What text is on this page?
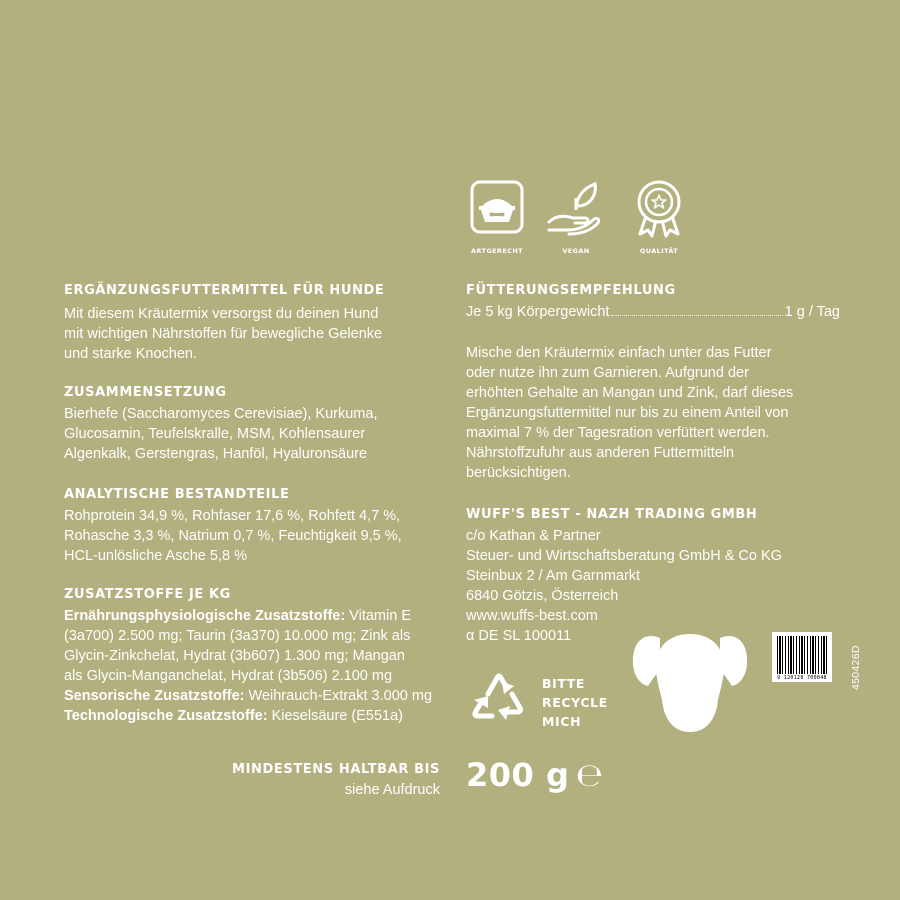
ARTGERECHT	VEGAN	QUALITÄT
ERGÄNZUNGSFUTTERMITTEL FÜR HUNDE
Mit diesem Kräutermix versorgst du deinen Hund
mit wichtigen Nährstoffen für bewegliche Gelenke
und starke Knochen.
ZUSAMMENSETZUNG
Bierhefe (Saccharomyces Cerevisiae), Kurkuma,
Glucosamin, Teufelskralle, MSM, Kohlensaurer
Algenkalk, Gerstengras, Hanföl, Hyaluronsäure
ANALYTISCHE BESTANDTEILE
Rohprotein 34,9 %, Rohfaser 17,6 %, Rohfett 4,7 %,
Rohasche 3,3 %, Natrium 0,7 %, Feuchtigkeit 9,5 %,
HCL-unlösliche Asche 5,8 %
ZUSATZSTOFFE JE KG
Ernährungsphysiologische Zusatzstoffe: Vitamin E
(3a700) 2.500 mg; Taurin (3a370) 10.000 mg; Zink als
Glycin-Zinkchelat, Hydrat (3b607) 1.300 mg; Mangan
als Glycin-Manganchelat, Hydrat (3b506) 2.100 mg
Sensorische Zusatzstoffe: Weihrauch-Extrakt 3.000 mg
Technologische Zusatzstoffe: Kieselsäure (E551a)
MINDESTENS HALTBAR BIS
siehe Aufdruck
FÜTTERUNGSEMPFEHLUNG
Je 5 kg Körpergewicht	1 g / Tag
Mische den Kräutermix einfach unter das Futter
oder nutze ihn zum Garnieren. Aufgrund der
erhöhten Gehalte an Mangan und Zink, darf dieses
Ergänzungsfuttermittel nur bis zu einem Anteil von
maximal 7 % der Tagesration verfüttert werden.
Nährstoffzufuhr aus anderen Futtermitteln
berücksichtigen.
WUFF'S BEST - NAZH TRADING GMBH
c/o Kathan & Partner
Steuer- und Wirtschaftsberatung GmbH & Co KG
Steinbux 2 / Am Garnmarkt
6840 Götzis, Österreich
www.wuffs-best.com
α DE SL 100011
BITTE
RECYCLE
MICH
9 120128 700048	450426D
200 g ℮
